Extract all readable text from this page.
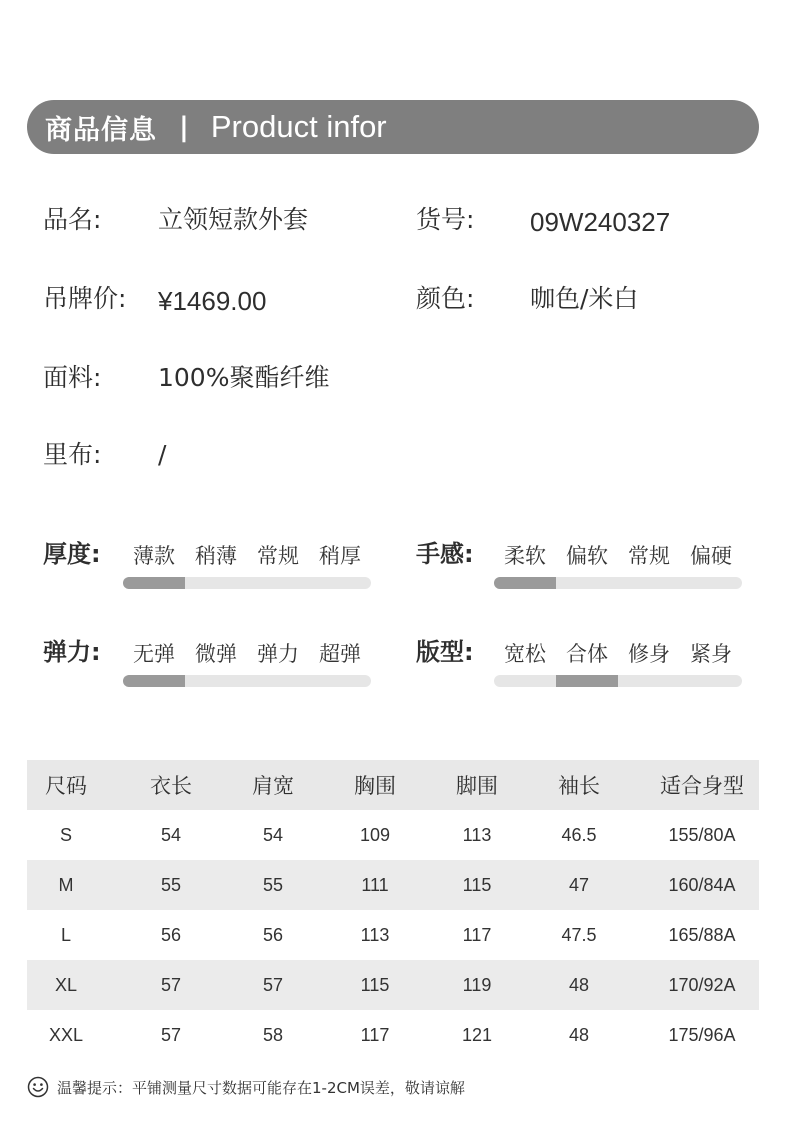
商品信息 | Product infor
品名: 立领短款外套	货号: 09W240327
吊牌价: ¥1469.00	颜色: 咖色/米白
面料: 100%聚酯纤维
里布: /
厚度:	薄款 稍薄 常规 稍厚	手感:	柔软 偏软 常规 偏硬
弹力:	无弹 微弹 弹力 超弹	版型:	宽松 合体 修身 紧身
尺码	衣长	肩宽	胸围	脚围	袖长	适合身型
S	54	54	109	113	46.5	155/80A
M	55	55	111	115	47	160/84A
L	56	56	113	117	47.5	165/88A
XL	57	57	115	119	48	170/92A
XXL	57	58	117	121	48	175/96A
温馨提示：平铺测量尺寸数据可能存在1-2CM误差，敬请谅解
